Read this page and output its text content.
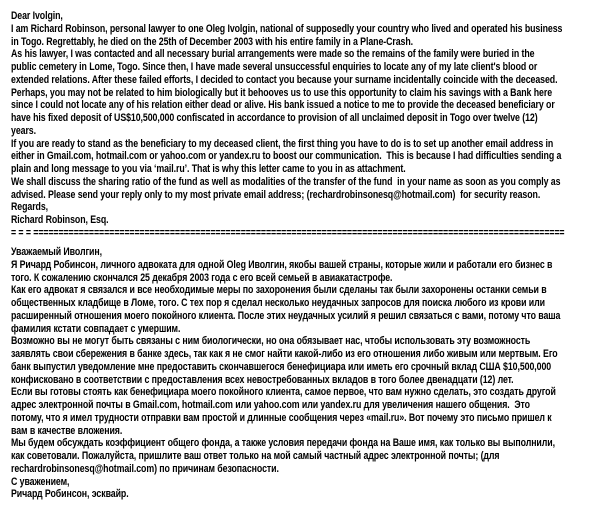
Dear Ivolgin,
I am Richard Robinson, personal lawyer to one Oleg Ivolgin, national of supposedly your country who lived and operated his business
in Togo. Regrettably, he died on the 25th of December 2003 with his entire family in a Plane-Crash.
As his lawyer, I was contacted and all necessary burial arrangements were made so the remains of the family were buried in the
public cemetery in Lome, Togo. Since then, I have made several unsuccessful enquiries to locate any of my late client's blood or
extended relations. After these failed efforts, I decided to contact you because your surname incidentally coincide with the deceased.
Perhaps, you may not be related to him biologically but it behooves us to use this opportunity to claim his savings with a Bank here
since I could not locate any of his relation either dead or alive. His bank issued a notice to me to provide the deceased beneficiary or
have his fixed deposit of US$10,500,000 confiscated in accordance to provision of all unclaimed deposit in Togo over twelve (12)
years.
If you are ready to stand as the beneficiary to my deceased client, the first thing you have to do is to set up another email address in
either in Gmail.com, hotmail.com or yahoo.com or yandex.ru to boost our communication.  This is because I had difficulties sending a
plain and long message to you via ‘mail.ru’. That is why this letter came to you in as attachment.
We shall discuss the sharing ratio of the fund as well as modalities of the transfer of the fund  in your name as soon as you comply as
advised. Please send your reply only to my most private email address; (rechardrobinsonesq@hotmail.com)  for security reason.
Regards,
Richard Robinson, Esq.
= = = =========================================================================================================
Уважаемый Иволгин,
Я Ричард Робинсон, личного адвоката для одной Oleg Иволгин, якобы вашей страны, которые жили и работали его бизнес в
того. К сожалению скончался 25 декабря 2003 года с его всей семьей в авиакатастрофе.
Как его адвокат я связался и все необходимые меры по захоронения были сделаны так были захоронены останки семьи в
общественных кладбище в Ломе, того. С тех пор я сделал несколько неудачных запросов для поиска любого из крови или
расширенный отношения моего покойного клиента. После этих неудачных усилий я решил связаться с вами, потому что ваша
фамилия кстати совпадает с умершим.
Возможно вы не могут быть связаны с ним биологически, но она обязывает нас, чтобы использовать эту возможность
заявлять свои сбережения в банке здесь, так как я не смог найти какой-либо из его отношения либо живым или мертвым. Его
банк выпустил уведомление мне предоставить скончавшегося бенефициара или иметь его срочный вклад США $10,500,000
конфисковано в соответствии с предоставления всех невостребованных вкладов в того более двенадцати (12) лет.
Если вы готовы стоять как бенефициара моего покойного клиента, самое первое, что вам нужно сделать, это создать другой
адрес электронной почты в Gmail.com, hotmail.com или yahoo.com или yandex.ru для увеличения нашего общения.  Это
потому, что я имел трудности отправки вам простой и длинные сообщения через «mail.ru». Вот почему это письмо пришел к
вам в качестве вложения.
Мы будем обсуждать коэффициент общего фонда, а также условия передачи фонда на Ваше имя, как только вы выполнили,
как советовали. Пожалуйста, пришлите ваш ответ только на мой самый частный адрес электронной почты; (для
rechardrobinsonesq@hotmail.com) по причинам безопасности.
С уважением,
Ричард Робинсон, эсквайр.
